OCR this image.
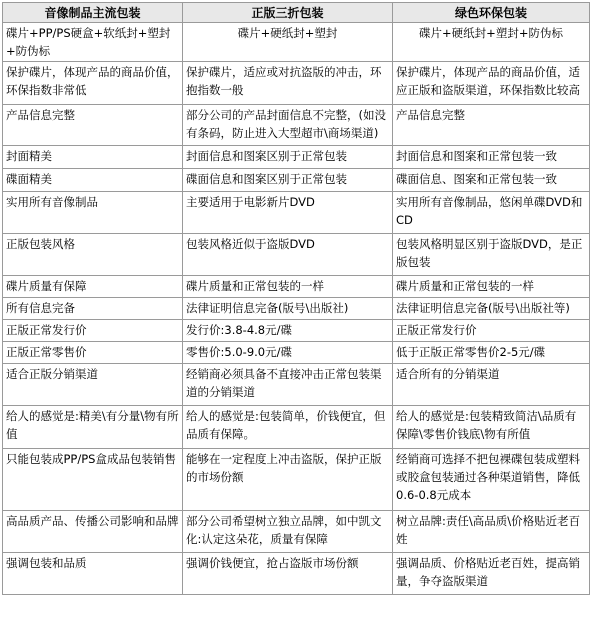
音像制品主流包装	正版三折包装	绿色环保包装
碟片+PP/PS硬盒+软纸封+塑封+防伪标	碟片+硬纸封+塑封	碟片+硬纸封+塑封+防伪标
保护碟片，体现产品的商品价值，环保指数非常低	保护碟片，适应或对抗盗版的冲击，环抱指数一般	保护碟片，体现产品的商品价值，适应正版和盗版渠道，环保指数比较高
产品信息完整	部分公司的产品封面信息不完整，(如没有条码，防止进入大型超市\商场渠道)	产品信息完整
封面精美	封面信息和图案区别于正常包装	封面信息和图案和正常包装一致
碟面精美	碟面信息和图案区别于正常包装	碟面信息、图案和正常包装一致
实用所有音像制品	主要适用于电影新片DVD	实用所有音像制品，悠闲单碟DVD和CD
正版包装风格	包装风格近似于盗版DVD	包装风格明显区别于盗版DVD，是正版包装
碟片质量有保障	碟片质量和正常包装的一样	碟片质量和正常包装的一样
所有信息完备	法律证明信息完备(版号\出版社)	法律证明信息完备(版号\出版社等)
正版正常发行价	发行价:3.8-4.8元/碟	正版正常发行价
正版正常零售价	零售价:5.0-9.0元/碟	低于正版正常零售价2-5元/碟
适合正版分销渠道	经销商必须具备不直接冲击正常包装渠道的分销渠道	适合所有的分销渠道
给人的感觉是:精美\有分量\物有所值	给人的感觉是:包装简单，价钱便宜，但品质有保障。	给人的感觉是:包装精致简洁\品质有保障\零售价钱底\物有所值
只能包装成PP/PS盒成品包装销售	能够在一定程度上冲击盗版，保护正版的市场份额	经销商可选择不把包裸碟包装成塑料或胶盒包装通过各种渠道销售，降低0.6-0.8元成本
高品质产品、传播公司影响和品牌	部分公司希望树立独立品牌，如中凯文化:认定这朵花，质量有保障	树立品牌:责任\高品质\价格贴近老百姓
强调包装和品质	强调价钱便宜，抢占盗版市场份额	强调品质、价格贴近老百姓，提高销量，争夺盗版渠道
